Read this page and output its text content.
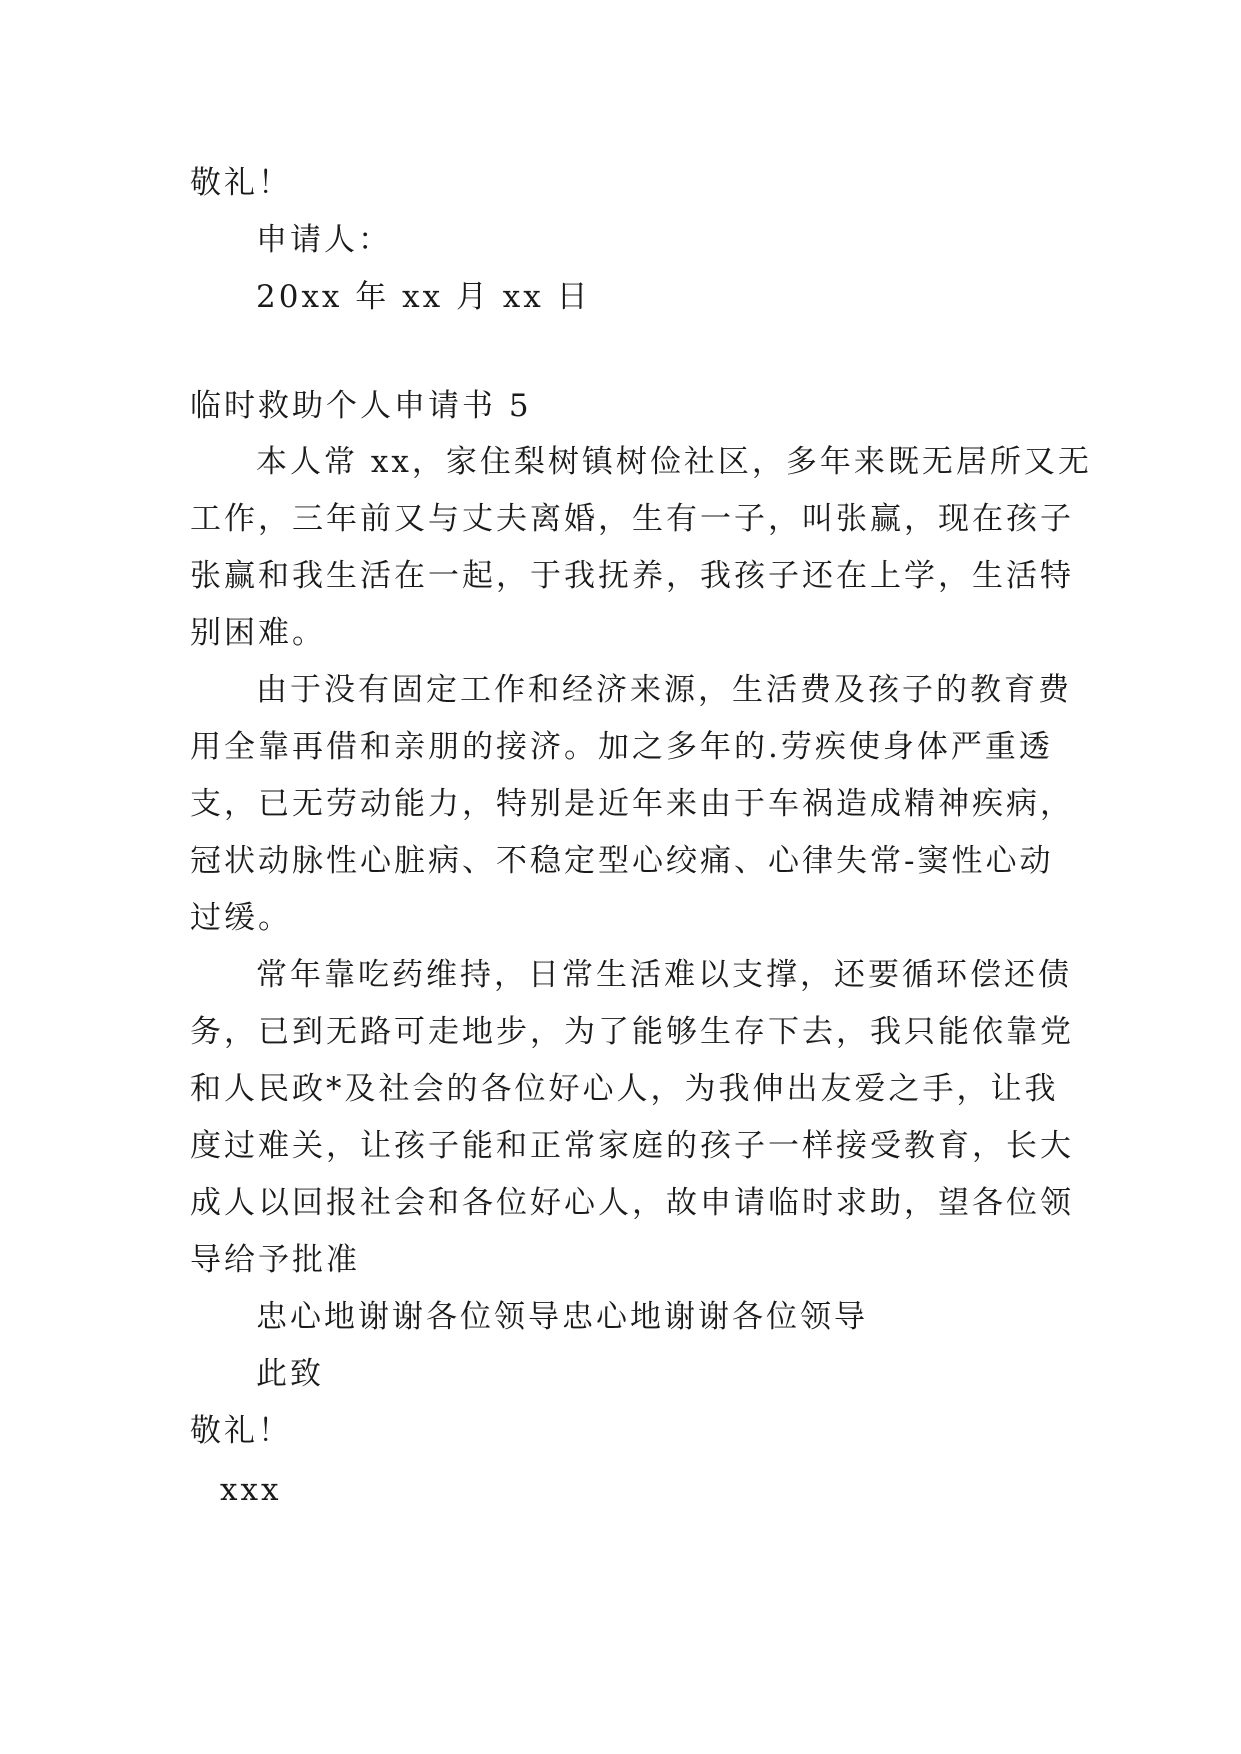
敬礼！
申请人：
20xx 年 xx 月 xx 日
临时救助个人申请书 5
本人常 xx，家住梨树镇树俭社区，多年来既无居所又无
工作，三年前又与丈夫离婚，生有一子，叫张赢，现在孩子
张赢和我生活在一起，于我抚养，我孩子还在上学，生活特
别困难。
由于没有固定工作和经济来源，生活费及孩子的教育费
用全靠再借和亲朋的接济。加之多年的.劳疾使身体严重透
支，已无劳动能力，特别是近年来由于车祸造成精神疾病，
冠状动脉性心脏病、不稳定型心绞痛、心律失常-窦性心动
过缓。
常年靠吃药维持，日常生活难以支撑，还要循环偿还债
务，已到无路可走地步，为了能够生存下去，我只能依靠党
和人民政*及社会的各位好心人，为我伸出友爱之手，让我
度过难关，让孩子能和正常家庭的孩子一样接受教育，长大
成人以回报社会和各位好心人，故申请临时求助，望各位领
导给予批准
忠心地谢谢各位领导忠心地谢谢各位领导
此致
敬礼！
xxx
